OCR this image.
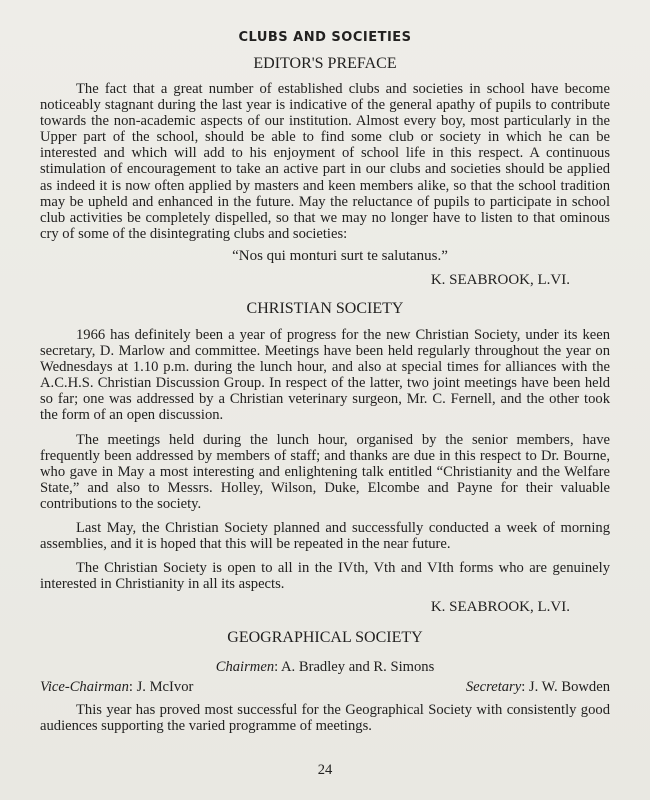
CLUBS AND SOCIETIES
EDITOR'S PREFACE

The fact that a great number of established clubs and societies in school have become noticeably stagnant during the last year is indicative of the general apathy of pupils to contribute towards the non-academic aspects of our institution. Almost every boy, most particularly in the Upper part of the school, should be able to find some club or society in which he can be interested and which will add to his enjoyment of school life in this respect. A continuous stimulation of encouragement to take an active part in our clubs and societies should be applied as indeed it is now often applied by masters and keen members alike, so that the school tradition may be upheld and enhanced in the future. May the reluctance of pupils to participate in school club activities be completely dispelled, so that we may no longer have to listen to that ominous cry of some of the disintegrating clubs and societies:

“Nos qui monturi surt te salutanus.”
K. SEABROOK, L.VI.
CHRISTIAN SOCIETY

1966 has definitely been a year of progress for the new Christian Society, under its keen secretary, D. Marlow and committee. Meetings have been held regularly throughout the year on Wednesdays at 1.10 p.m. during the lunch hour, and also at special times for alliances with the A.C.H.S. Christian Discussion Group. In respect of the latter, two joint meetings have been held so far; one was addressed by a Christian veterinary surgeon, Mr. C. Fernell, and the other took the form of an open discussion.

The meetings held during the lunch hour, organised by the senior members, have frequently been addressed by members of staff; and thanks are due in this respect to Dr. Bourne, who gave in May a most interesting and enlightening talk entitled “Christianity and the Welfare State,” and also to Messrs. Holley, Wilson, Duke, Elcombe and Payne for their valuable contributions to the society.

Last May, the Christian Society planned and successfully conducted a week of morning assemblies, and it is hoped that this will be repeated in the near future.

The Christian Society is open to all in the IVth, Vth and VIth forms who are genuinely interested in Christianity in all its aspects.

K. SEABROOK, L.VI.
GEOGRAPHICAL SOCIETY
Chairmen: A. Bradley and R. Simons
Vice-Chairman: J. McIvor	Secretary: J. W. Bowden

This year has proved most successful for the Geographical Society with consistently good audiences supporting the varied programme of meetings.

24
